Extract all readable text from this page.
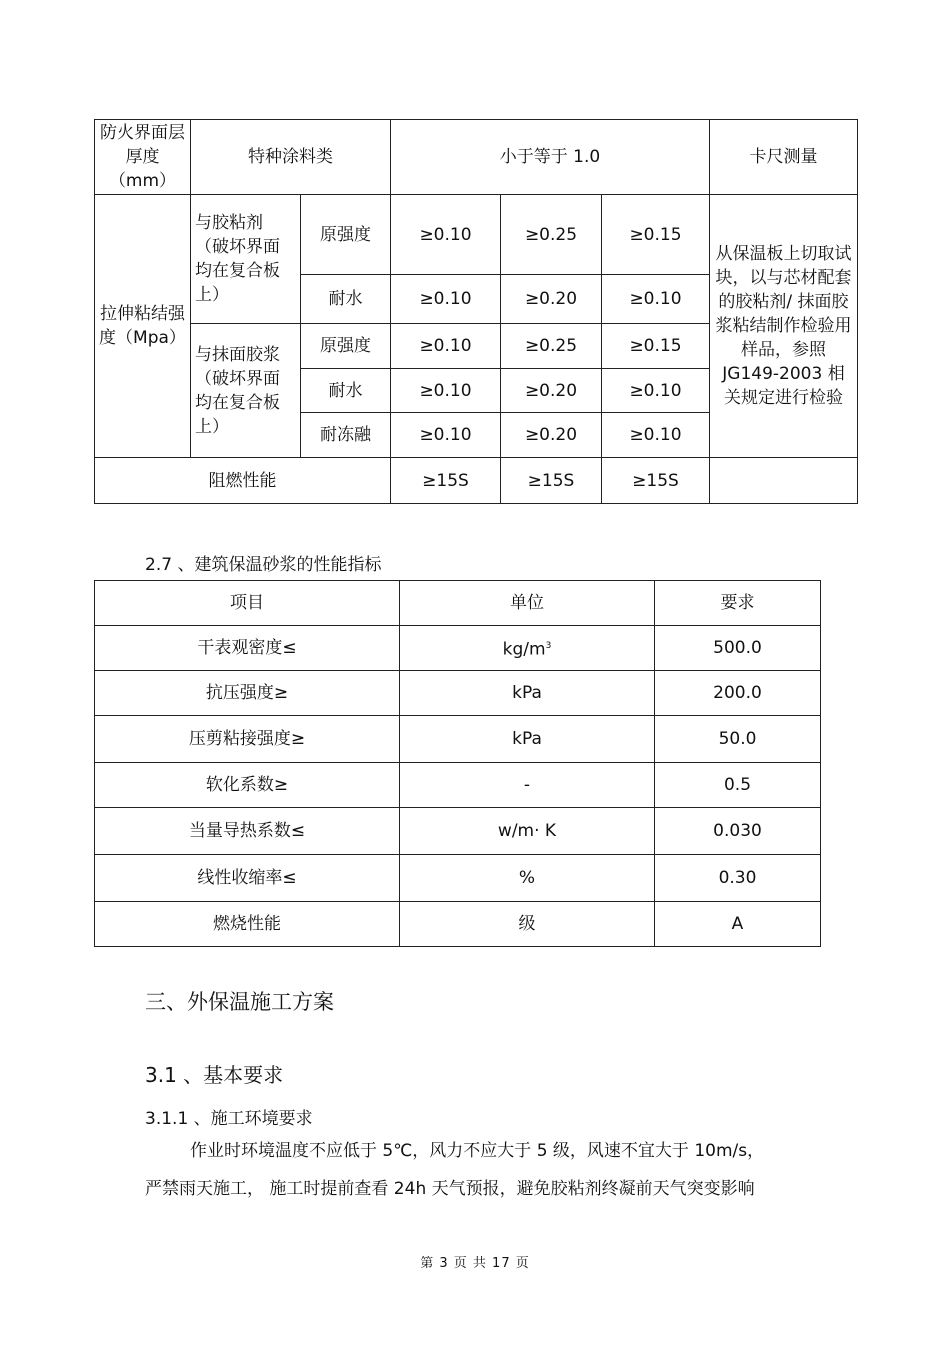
防火界面层厚度（mm）	特种涂料类		小于等于 1.0			卡尺测量
拉伸粘结强度（Mpa）	与胶粘剂（破坏界面均在复合板上）	原强度	≥0.10	≥0.25	≥0.15	从保温板上切取试块，以与芯材配套的胶粘剂/ 抹面胶浆粘结制作检验用样品，参照 JG149-2003 相关规定进行检验
		耐水	≥0.10	≥0.20	≥0.10	
	与抹面胶浆（破坏界面均在复合板上）	原强度	≥0.10	≥0.25	≥0.15	
		耐水	≥0.10	≥0.20	≥0.10	
		耐冻融	≥0.10	≥0.20	≥0.10	
阻燃性能			≥15S	≥15S	≥15S	
2.7 、建筑保温砂浆的性能指标
项目	单位	要求
干表观密度≤	$kg/m^3$	500.0
抗压强度≥	kPa	200.0
压剪粘接强度≥	kPa	50.0
软化系数≥	-	0.5
当量导热系数≤	w/m· K	0.030
线性收缩率≤	%	0.30
燃烧性能	级	A
三、外保温施工方案
3.1 、基本要求
3.1.1 、施工环境要求
作业时环境温度不应低于 5℃，风力不应大于 5 级，风速不宜大于 10m/s，
严禁雨天施工， 施工时提前查看 24h 天气预报，避免胶粘剂终凝前天气突变影响
第 3 页 共 17 页
